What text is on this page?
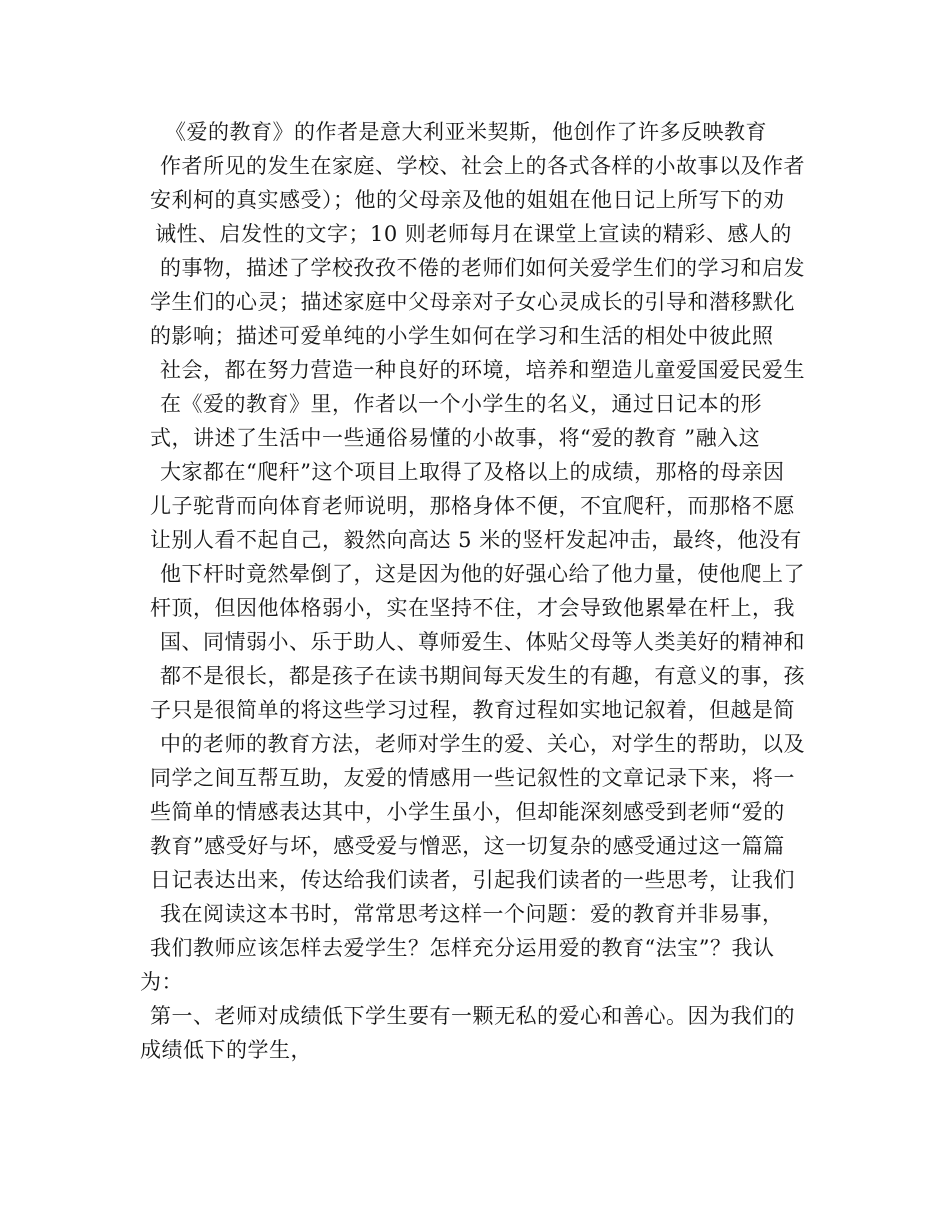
《爱的教育》的作者是意大利亚米契斯，他创作了许多反映教育
作者所见的发生在家庭、学校、社会上的各式各样的小故事以及作者
安利柯的真实感受）；他的父母亲及他的姐姐在他日记上所写下的劝
诫性、启发性的文字；10 则老师每月在课堂上宣读的精彩、感人的
的事物，描述了学校孜孜不倦的老师们如何关爱学生们的学习和启发
学生们的心灵；描述家庭中父母亲对子女心灵成长的引导和潜移默化
的影响；描述可爱单纯的小学生如何在学习和生活的相处中彼此照
社会，都在努力营造一种良好的环境，培养和塑造儿童爱国爱民爱生
在《爱的教育》里，作者以一个小学生的名义，通过日记本的形
式，讲述了生活中一些通俗易懂的小故事，将“爱的教育 ”融入这
大家都在“爬秆”这个项目上取得了及格以上的成绩，那格的母亲因
儿子驼背而向体育老师说明，那格身体不便，不宜爬秆，而那格不愿
让别人看不起自己，毅然向高达 5 米的竖杆发起冲击，最终，他没有
他下杆时竟然晕倒了，这是因为他的好强心给了他力量，使他爬上了
杆顶，但因他体格弱小，实在坚持不住，才会导致他累晕在杆上，我
国、同情弱小、乐于助人、尊师爱生、体贴父母等人类美好的精神和
都不是很长，都是孩子在读书期间每天发生的有趣，有意义的事，孩
子只是很简单的将这些学习过程，教育过程如实地记叙着，但越是简
中的老师的教育方法，老师对学生的爱、关心，对学生的帮助，以及
同学之间互帮互助，友爱的情感用一些记叙性的文章记录下来，将一
些简单的情感表达其中，小学生虽小，但却能深刻感受到老师“爱的
教育”感受好与坏，感受爱与憎恶，这一切复杂的感受通过这一篇篇
日记表达出来，传达给我们读者，引起我们读者的一些思考，让我们
我在阅读这本书时，常常思考这样一个问题：爱的教育并非易事，
我们教师应该怎样去爱学生？怎样充分运用爱的教育“法宝”？我认
为：
第一、老师对成绩低下学生要有一颗无私的爱心和善心。因为我们的
成绩低下的学生，
